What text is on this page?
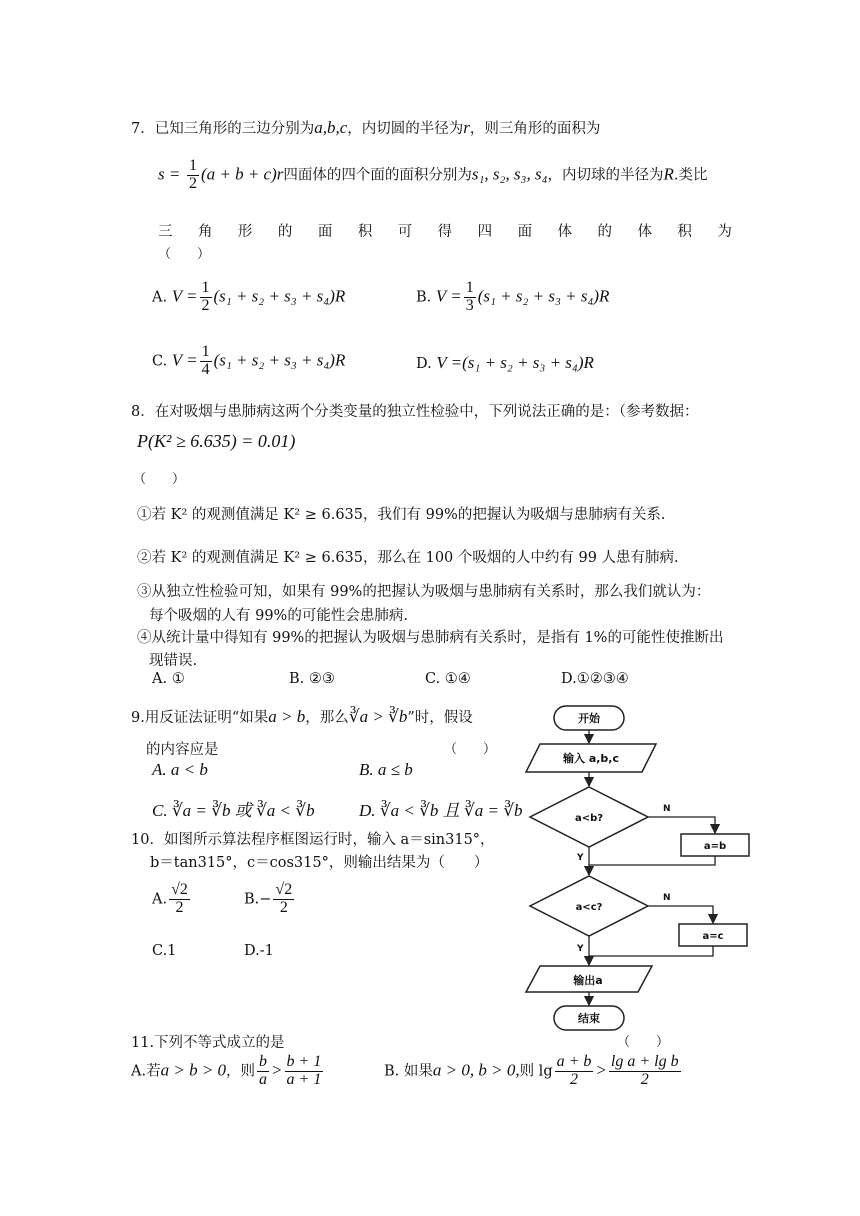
7．已知三角形的三边分别为a,b,c，内切圆的半径为r，则三角形的面积为
$s = \frac{1}{2} (a + b + c)r$四面体的四个面的面积分别为s₁, s₂, s₃, s₄，内切球的半径为R.类比
三 角 形 的 面 积 可 得 四 面 体 的 体 积 为
（　　）
A. $V = \frac{1}{2} (s_1 + s_2 + s_3 + s_4)R$	B. $V = \frac{1}{3} (s_1 + s_2 + s_3 + s_4)R$
C. $V = \frac{1}{4} (s_1 + s_2 + s_3 + s_4)R$	D. V =(s₁ + s₂ + s₃ + s₄)R
8．在对吸烟与患肺病这两个分类变量的独立性检验中，下列说法正确的是：（参考数据：
P(K² ≥ 6.635) = 0.01)
（　　）
①若 K² 的观测值满足 K² ≥ 6.635，我们有 99%的把握认为吸烟与患肺病有关系.
②若 K² 的观测值满足 K² ≥ 6.635，那么在 100 个吸烟的人中约有 99 人患有肺病.
③从独立性检验可知，如果有 99%的把握认为吸烟与患肺病有关系时，那么我们就认为：
每个吸烟的人有 99%的可能性会患肺病.
④从统计量中得知有 99%的把握认为吸烟与患肺病有关系时，是指有 1%的可能性使推断出
现错误.
A. ①	B. ②③	C. ①④	D.①②③④
9.用反证法证明“如果a > b，那么∛a > ∛b”时，假设
的内容应是	（　　）
A. a < b	B. a ≤ b
C. ∛a = ∛b 或 ∛a < ∛b	D. ∛a < ∛b 且 ∛a = ∛b
10．如图所示算法程序框图运行时，输入 a＝sin315°，
b＝tan315°，c＝cos315°，则输出结果为（　　）
A. $\frac{√2}{2}$	$B.- \frac{√2}{2}$
C.1	D.-1
开始
输入 a,b,c
a<b?
a=b
a<c?
a=c
输出a
结束
N
Y
N
Y
11.下列不等式成立的是	（　　）
A.若a > b > 0，则 $\frac{b}{a} > \frac{b + 1}{a + 1}$	B. 如果a > 0, b > 0,则 $\lg \frac{a + b}{2} > \frac{\text{lg a + lg b}}{2}$
